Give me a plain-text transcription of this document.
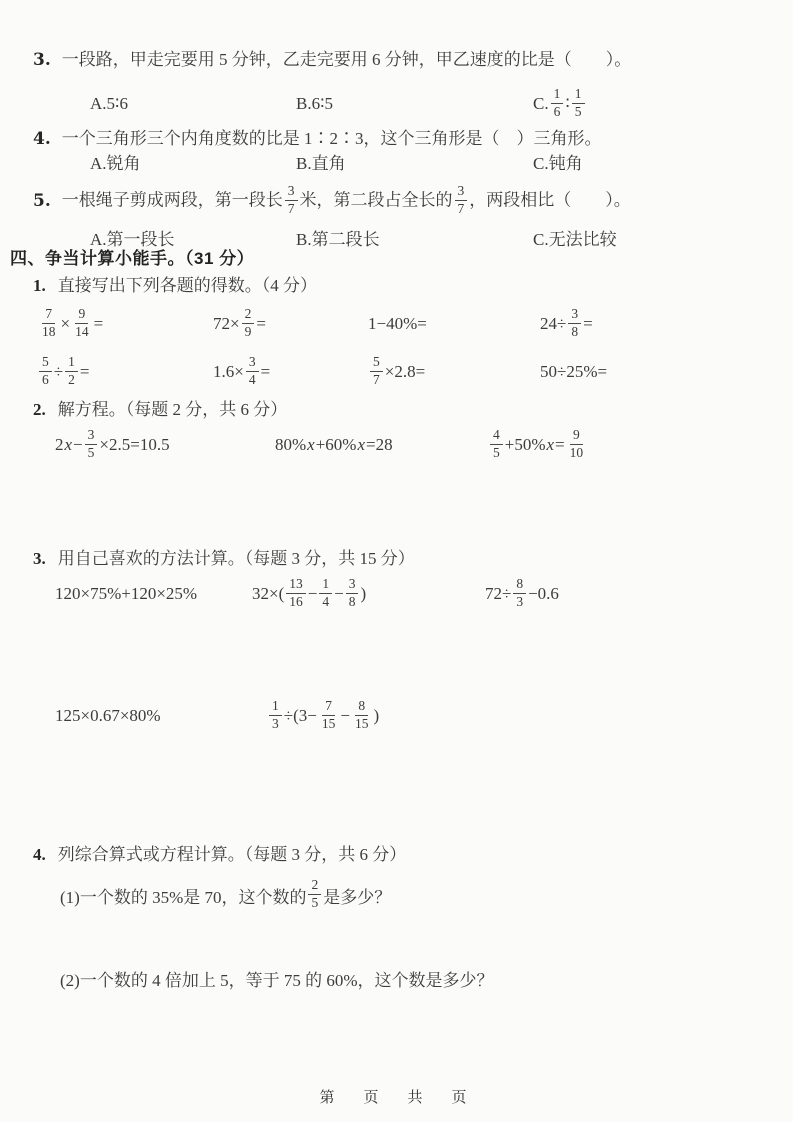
3. 一段路，甲走完要用 5 分钟，乙走完要用 6 分钟，甲乙速度的比是（　　）。
A.5∶6	B.6∶5	C. $\frac{1}{6}$ ∶ $\frac{1}{5}$
4. 一个三角形三个内角度数的比是 1∶2∶3，这个三角形是（　）三角形。
A.锐角	B.直角	C.钝角
5. 一根绳子剪成两段，第一段长 $\frac{3}{7}$ 米，第二段占全长的 $\frac{3}{7}$ ，两段相比（　　）。
A.第一段长	B.第二段长	C.无法比较
四、争当计算小能手。（31 分）
1. 直接写出下列各题的得数。（4 分）
$\frac{7}{18} \times \frac{9}{14}$ =	$72\times \frac{2}{9}$ =	1−40%=	$24\div \frac{3}{8}$ =
$\frac{5}{6} \div \frac{1}{2}$ =	$1.6\times \frac{3}{4}$ =	$\frac{5}{7} \times 2.8=$	50÷25%=
2. 解方程。（每题 2 分，共 6 分）
2 $x - \frac{3}{5} \times 2.5=10.5$	80% x +60% x =28	$\frac{4}{5} +50\%$ $x = \frac{9}{10}$
3. 用自己喜欢的方法计算。（每题 3 分，共 15 分）
120×75%+120×25%	$32\times( \frac{13}{16} - \frac{1}{4} - \frac{3}{8}$ )	$72\div \frac{8}{3} -0.6$
125×0.67×80%	$\frac{1}{3} \div(3- \frac{7}{15} - \frac{8}{15}$ )
4. 列综合算式或方程计算。（每题 3 分，共 6 分）
(1)一个数的 35%是 70，这个数的 $\frac{2}{5}$ 是多少？
(2)一个数的 4 倍加上 5，等于 75 的 60%，这个数是多少？
第　页　共　页
